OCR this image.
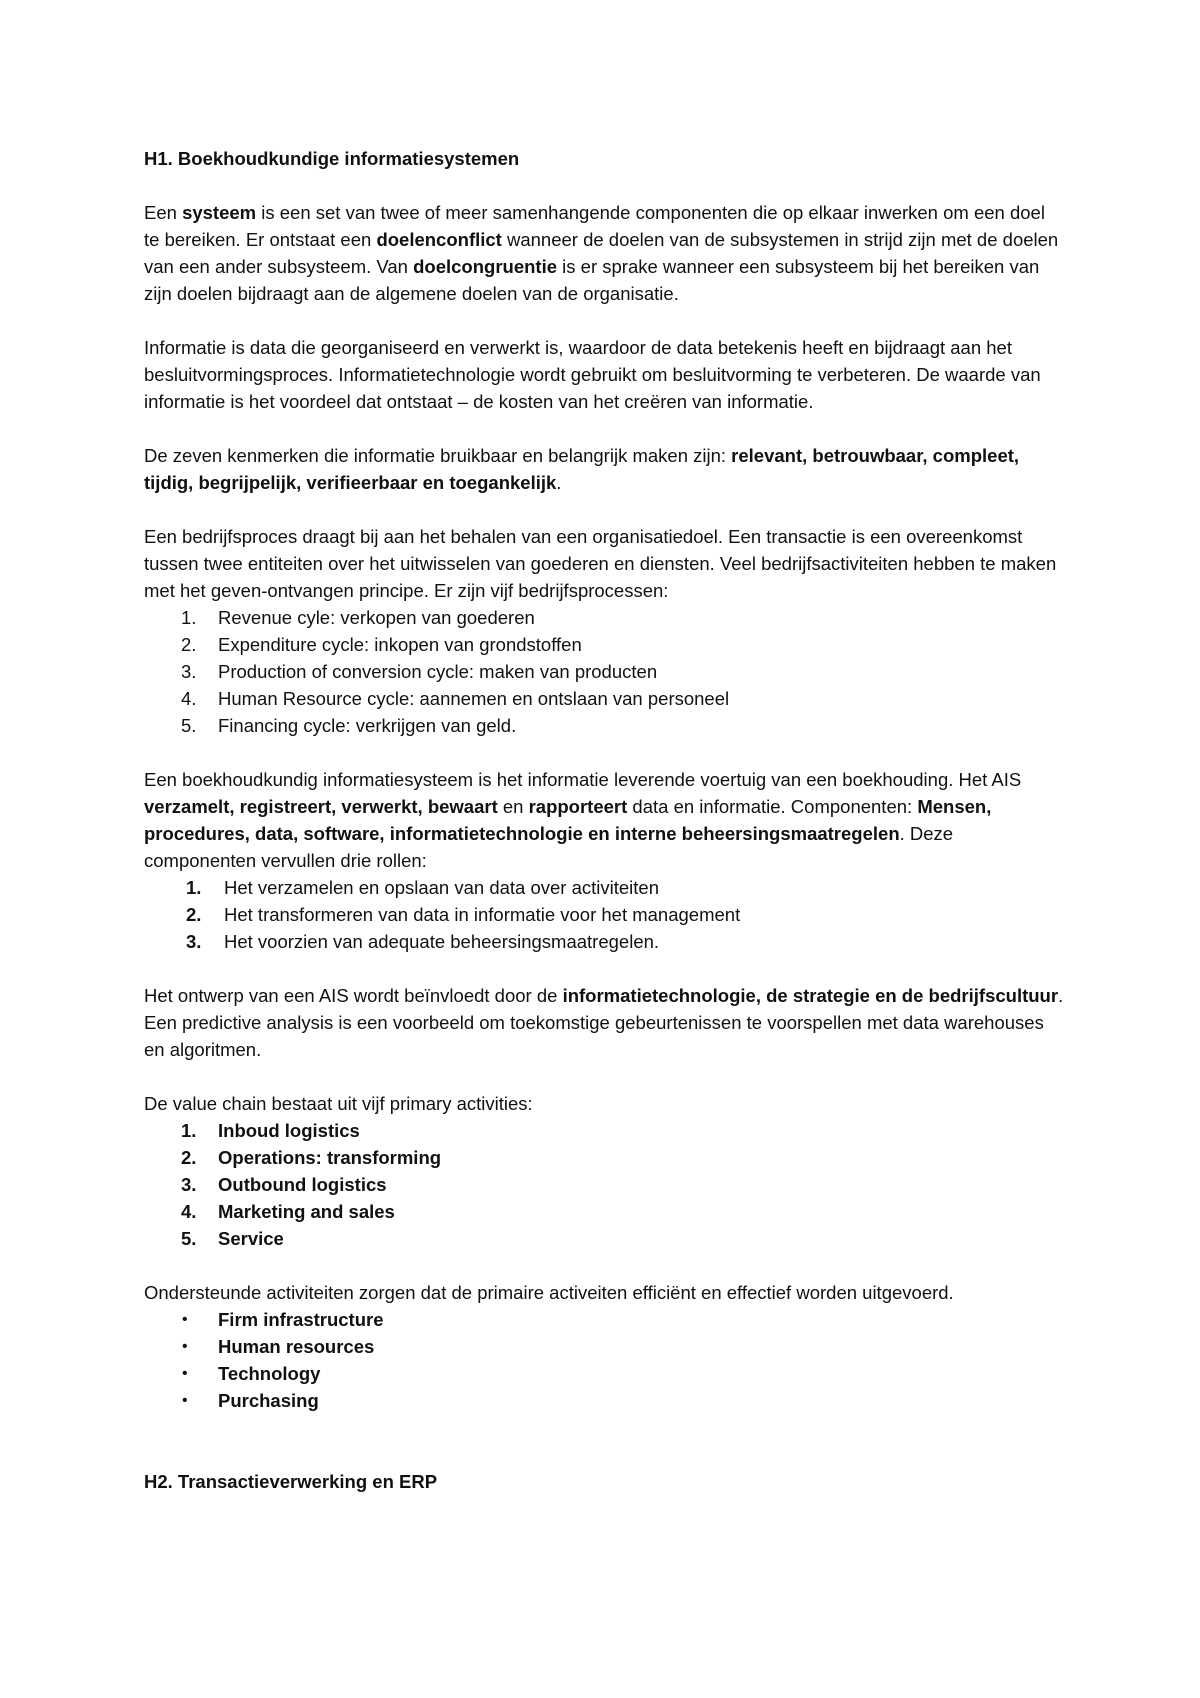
H1. Boekhoudkundige informatiesystemen

Een systeem is een set van twee of meer samenhangende componenten die op elkaar inwerken om een doel te bereiken. Er ontstaat een doelenconflict wanneer de doelen van de subsystemen in strijd zijn met de doelen van een ander subsysteem. Van doelcongruentie is er sprake wanneer een subsysteem bij het bereiken van zijn doelen bijdraagt aan de algemene doelen van de organisatie.

Informatie is data die georganiseerd en verwerkt is, waardoor de data betekenis heeft en bijdraagt aan het besluitvormingsproces. Informatietechnologie wordt gebruikt om besluitvorming te verbeteren. De waarde van informatie is het voordeel dat ontstaat – de kosten van het creëren van informatie.

De zeven kenmerken die informatie bruikbaar en belangrijk maken zijn: relevant, betrouwbaar, compleet, tijdig, begrijpelijk, verifieerbaar en toegankelijk.

Een bedrijfsproces draagt bij aan het behalen van een organisatiedoel. Een transactie is een overeenkomst tussen twee entiteiten over het uitwisselen van goederen en diensten. Veel bedrijfsactiviteiten hebben te maken met het geven-ontvangen principe. Er zijn vijf bedrijfsprocessen:

1. Revenue cyle: verkopen van goederen
2. Expenditure cycle: inkopen van grondstoffen
3. Production of conversion cycle: maken van producten
4. Human Resource cycle: aannemen en ontslaan van personeel
5. Financing cycle: verkrijgen van geld.

Een boekhoudkundig informatiesysteem is het informatie leverende voertuig van een boekhouding. Het AIS verzamelt, registreert, verwerkt, bewaart en rapporteert data en informatie. Componenten: Mensen, procedures, data, software, informatietechnologie en interne beheersingsmaatregelen. Deze componenten vervullen drie rollen:

1. Het verzamelen en opslaan van data over activiteiten
2. Het transformeren van data in informatie voor het management
3. Het voorzien van adequate beheersingsmaatregelen.

Het ontwerp van een AIS wordt beïnvloedt door de informatietechnologie, de strategie en de bedrijfscultuur. Een predictive analysis is een voorbeeld om toekomstige gebeurtenissen te voorspellen met data warehouses en algoritmen.

De value chain bestaat uit vijf primary activities:

1. Inboud logistics
2. Operations: transforming
3. Outbound logistics
4. Marketing and sales
5. Service

Ondersteunde activiteiten zorgen dat de primaire activeiten efficiënt en effectief worden uitgevoerd.

• Firm infrastructure
• Human resources
• Technology
• Purchasing
H2. Transactieverwerking en ERP
